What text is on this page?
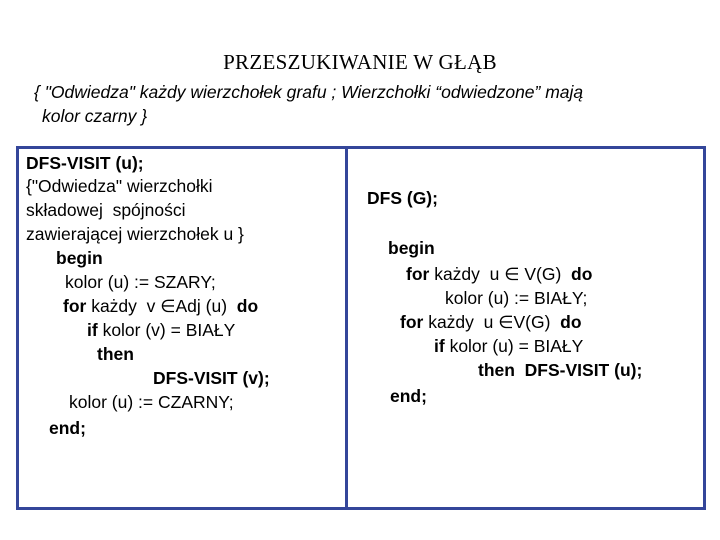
PRZESZUKIWANIE W GŁĄB
{ "Odwiedza" każdy wierzchołek grafu ; Wierzchołki “odwiedzone” mają
kolor czarny }
DFS-VISIT (u);
{"Odwiedza" wierzchołki
składowej  spójności
zawierającej wierzchołek u }
begin
kolor (u) := SZARY;
for każdy  v ∈Adj (u)  do
if kolor (v) = BIAŁY
then
DFS-VISIT (v);
kolor (u) := CZARNY;
end;
DFS (G);
begin
for każdy  u ∈ V(G)  do
kolor (u) := BIAŁY;
for każdy  u ∈V(G)  do
if kolor (u) = BIAŁY
then  DFS-VISIT (u);
end;
